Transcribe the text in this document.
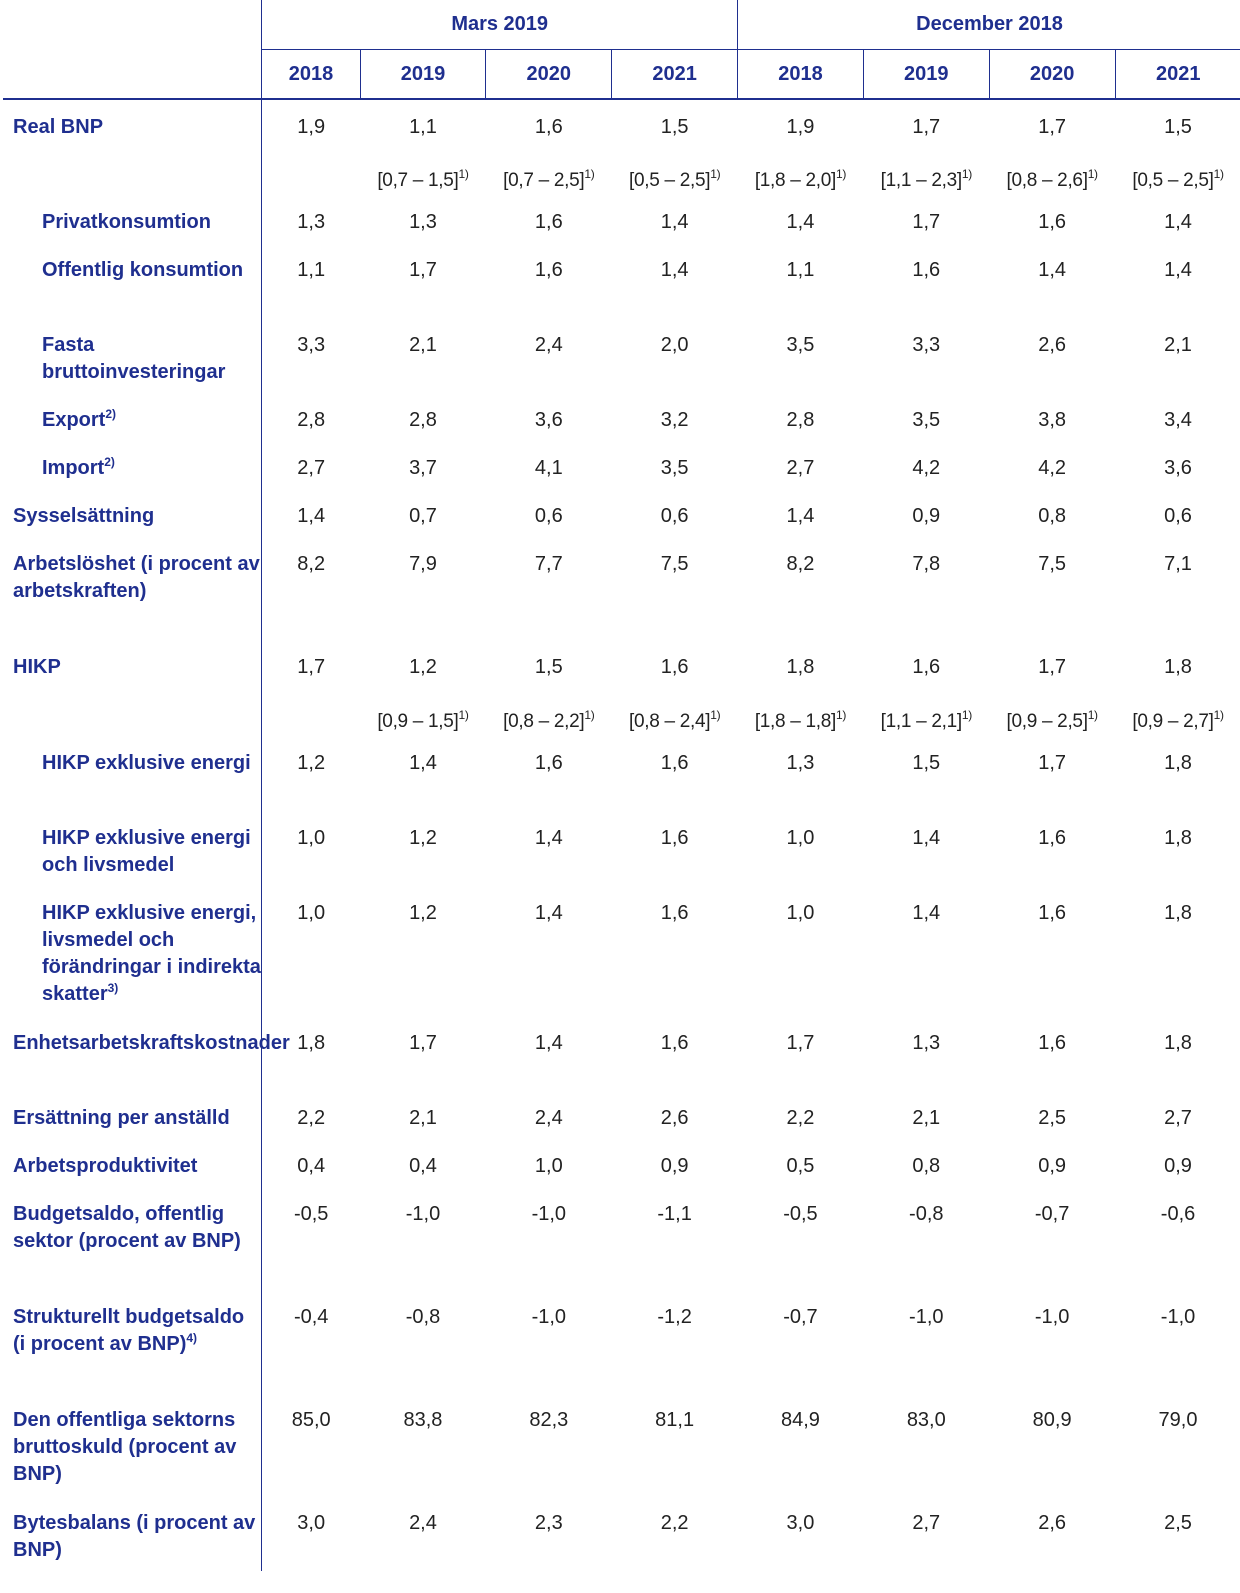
	Mars 2019				December 2018			
	2018	2019	2020	2021	2018	2019	2020	2021
Real BNP	1,9	1,1	1,6	1,5	1,9	1,7	1,7	1,5
		[0,7 – 1,5]$^{1)}$	[0,7 – 2,5]$^{1)}$	[0,5 – 2,5]$^{1)}$	[1,8 – 2,0]$^{1)}$	[1,1 – 2,3]$^{1)}$	[0,8 – 2,6]$^{1)}$	[0,5 – 2,5]$^{1)}$
Privatkonsumtion	1,3	1,3	1,6	1,4	1,4	1,7	1,6	1,4
Offentlig konsumtion	1,1	1,7	1,6	1,4	1,1	1,6	1,4	1,4
Fasta bruttoinvesteringar	3,3	2,1	2,4	2,0	3,5	3,3	2,6	2,1
Export$^{2)}$	2,8	2,8	3,6	3,2	2,8	3,5	3,8	3,4
Import$^{2)}$	2,7	3,7	4,1	3,5	2,7	4,2	4,2	3,6
Sysselsättning	1,4	0,7	0,6	0,6	1,4	0,9	0,8	0,6
Arbetslöshet (i procent av arbetskraften)	8,2	7,9	7,7	7,5	8,2	7,8	7,5	7,1
HIKP	1,7	1,2	1,5	1,6	1,8	1,6	1,7	1,8
		[0,9 – 1,5]$^{1)}$	[0,8 – 2,2]$^{1)}$	[0,8 – 2,4]$^{1)}$	[1,8 – 1,8]$^{1)}$	[1,1 – 2,1]$^{1)}$	[0,9 – 2,5]$^{1)}$	[0,9 – 2,7]$^{1)}$
HIKP exklusive energi	1,2	1,4	1,6	1,6	1,3	1,5	1,7	1,8
HIKP exklusive energi och livsmedel	1,0	1,2	1,4	1,6	1,0	1,4	1,6	1,8
HIKP exklusive energi, livsmedel och förändringar i indirekta skatter$^{3)}$	1,0	1,2	1,4	1,6	1,0	1,4	1,6	1,8
Enhetsarbetskraftskostnader	1,8	1,7	1,4	1,6	1,7	1,3	1,6	1,8
Ersättning per anställd	2,2	2,1	2,4	2,6	2,2	2,1	2,5	2,7
Arbetsproduktivitet	0,4	0,4	1,0	0,9	0,5	0,8	0,9	0,9
Budgetsaldo, offentlig sektor (procent av BNP)	-0,5	-1,0	-1,0	-1,1	-0,5	-0,8	-0,7	-0,6
Strukturellt budgetsaldo (i procent av BNP)$^{4)}$	-0,4	-0,8	-1,0	-1,2	-0,7	-1,0	-1,0	-1,0
Den offentliga sektorns bruttoskuld (procent av BNP)	85,0	83,8	82,3	81,1	84,9	83,0	80,9	79,0
Bytesbalans (i procent av BNP)	3,0	2,4	2,3	2,2	3,0	2,7	2,6	2,5
